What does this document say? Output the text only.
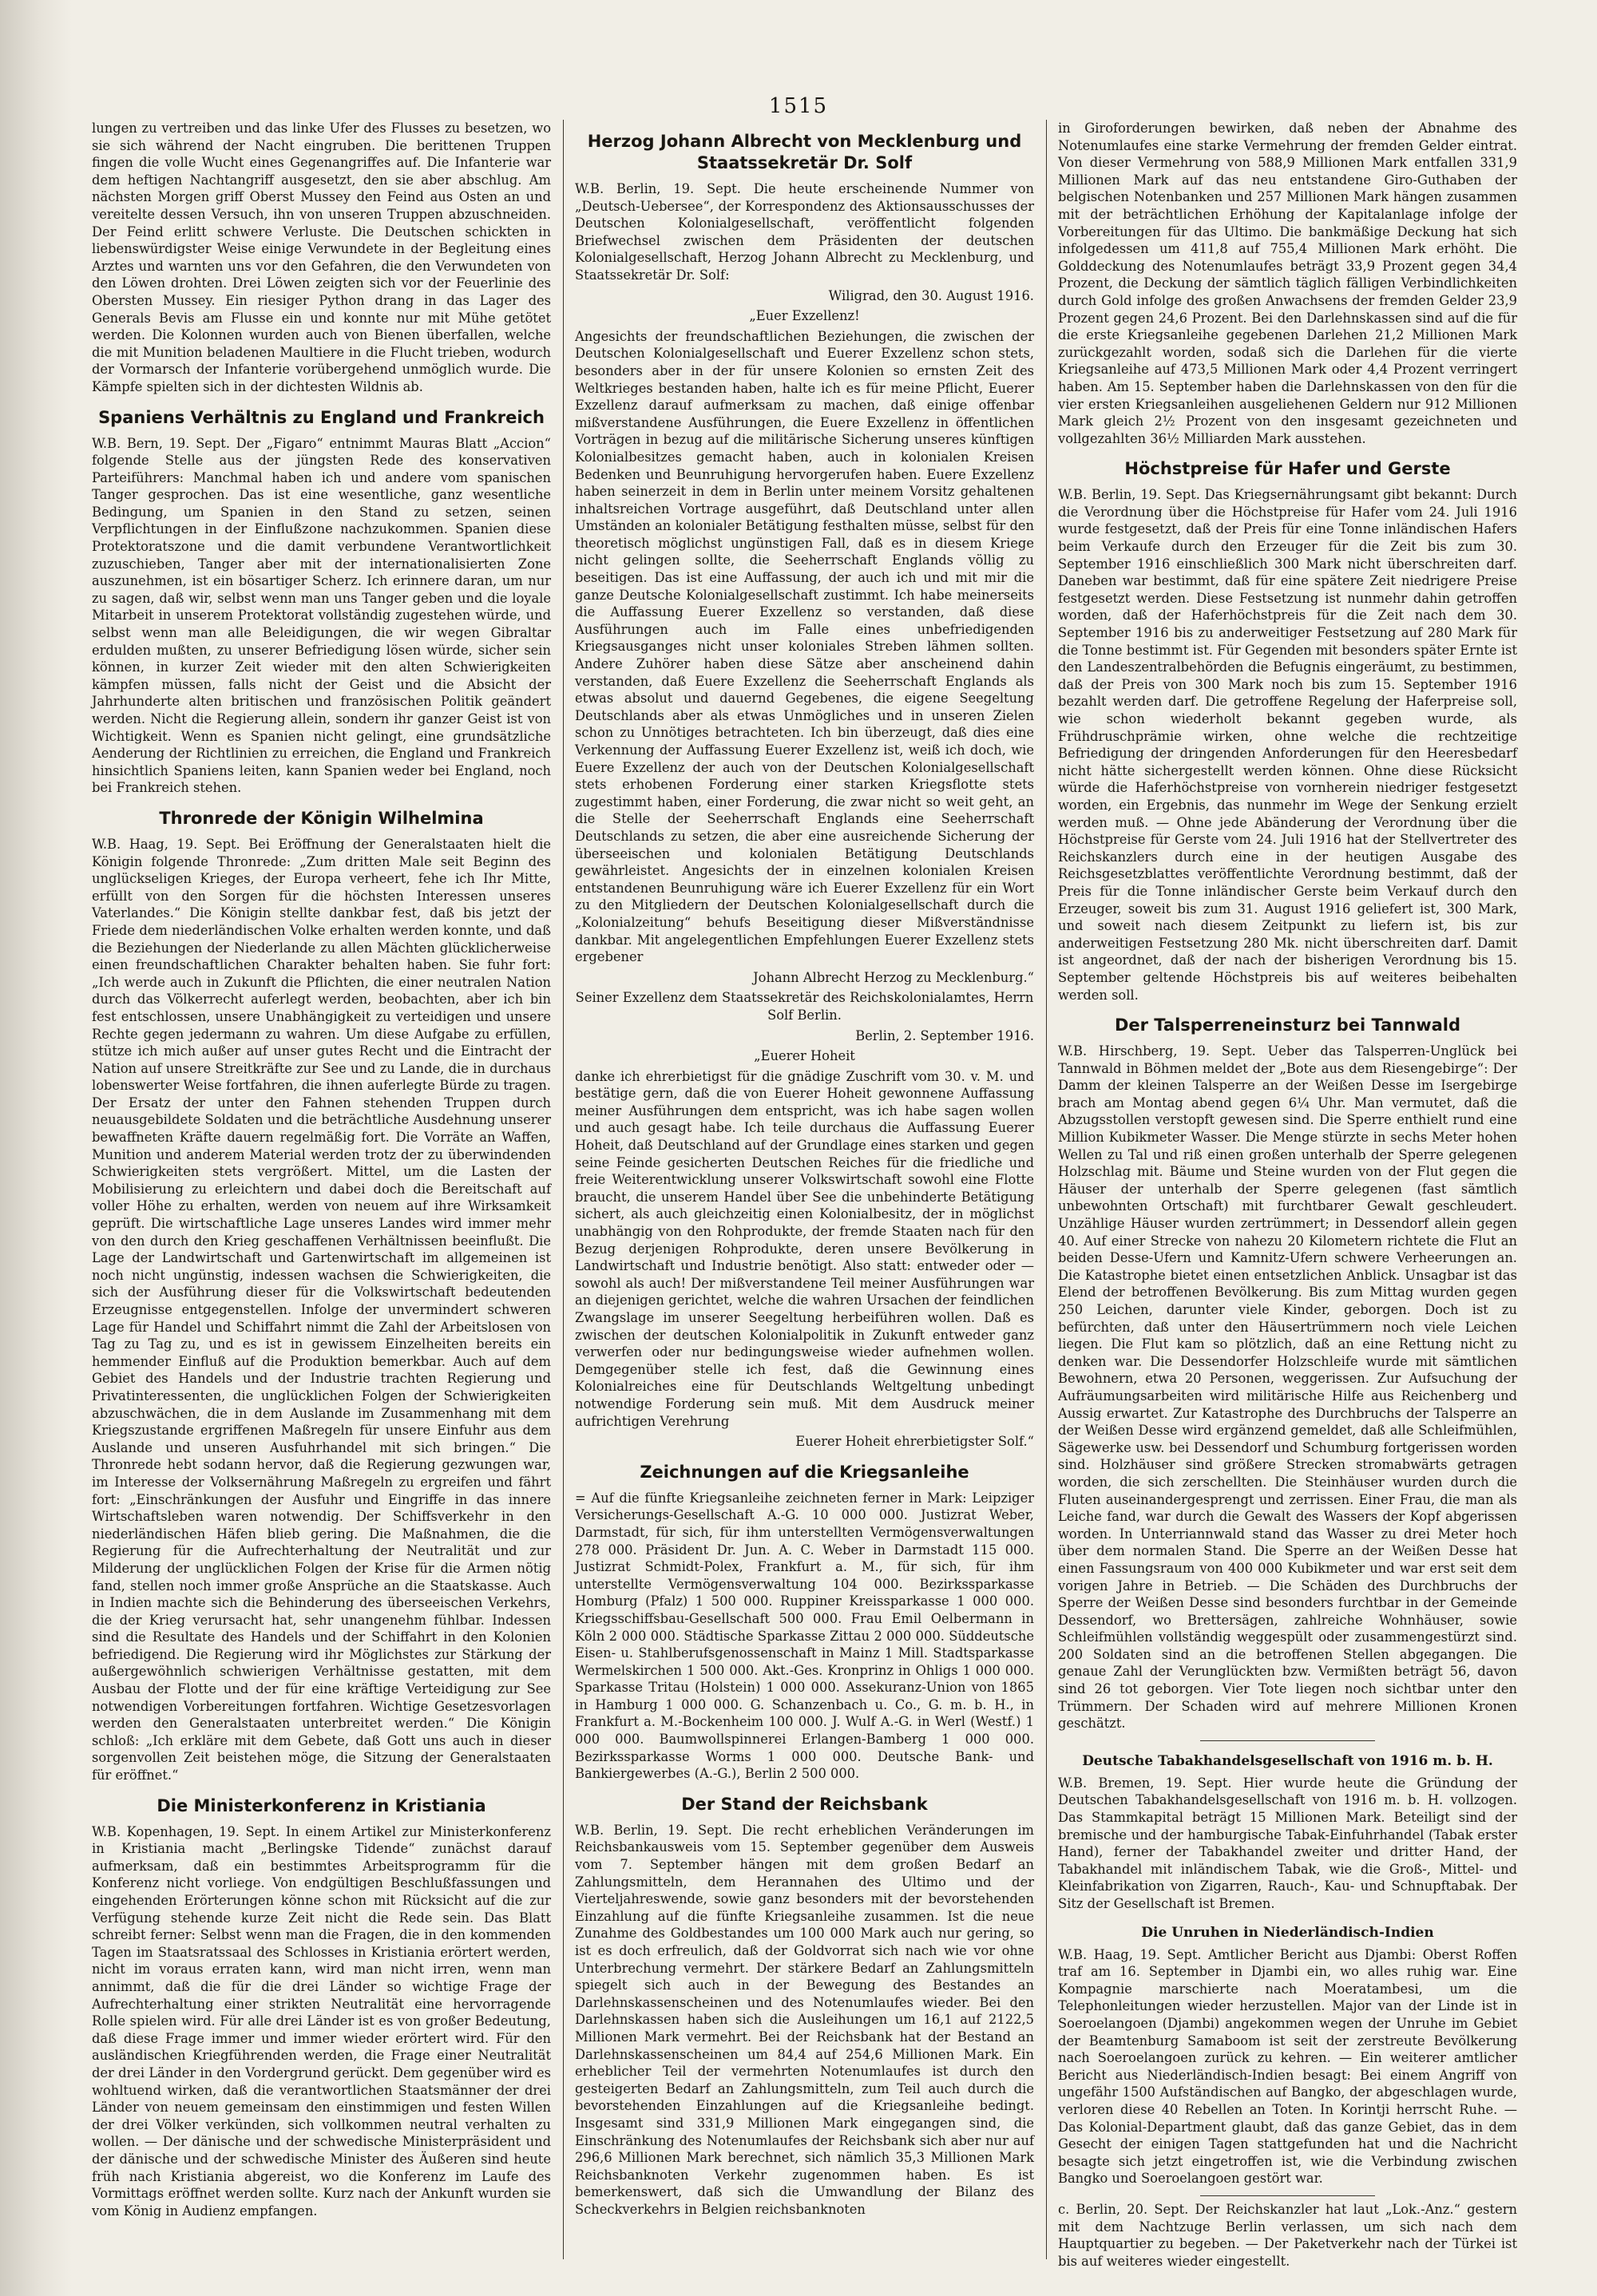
1515

lungen zu vertreiben und das linke Ufer des Flusses zu besetzen, wo sie sich während der Nacht eingruben. Die berittenen Truppen fingen die volle Wucht eines Gegenangriffes auf. Die Infanterie war dem heftigen Nachtangriff ausgesetzt, den sie aber abschlug. Am nächsten Morgen griff Oberst Mussey den Feind aus Osten an und vereitelte dessen Versuch, ihn von unseren Truppen abzuschneiden. Der Feind erlitt schwere Verluste. Die Deutschen schickten in liebenswürdigster Weise einige Verwundete in der Begleitung eines Arztes und warnten uns vor den Gefahren, die den Verwundeten von den Löwen drohten. Drei Löwen zeigten sich vor der Feuerlinie des Obersten Mussey. Ein riesiger Python drang in das Lager des Generals Bevis am Flusse ein und konnte nur mit Mühe getötet werden. Die Kolonnen wurden auch von Bienen überfallen, welche die mit Munition beladenen Maultiere in die Flucht trieben, wodurch der Vormarsch der Infanterie vorübergehend unmöglich wurde. Die Kämpfe spielten sich in der dichtesten Wildnis ab.

Spaniens Verhältnis zu England und Frankreich

W.B. Bern, 19. Sept. Der „Figaro“ entnimmt Mauras Blatt „Accion“ folgende Stelle aus der jüngsten Rede des konservativen Parteiführers: Manchmal haben ich und andere vom spanischen Tanger gesprochen. Das ist eine wesentliche, ganz wesentliche Bedingung, um Spanien in den Stand zu setzen, seinen Verpflichtungen in der Einflußzone nachzukommen. Spanien diese Protektoratszone und die damit verbundene Verantwortlichkeit zuzuschieben, Tanger aber mit der internationalisierten Zone auszunehmen, ist ein bösartiger Scherz. Ich erinnere daran, um nur zu sagen, daß wir, selbst wenn man uns Tanger geben und die loyale Mitarbeit in unserem Protektorat vollständig zugestehen würde, und selbst wenn man alle Beleidigungen, die wir wegen Gibraltar erdulden mußten, zu unserer Befriedigung lösen würde, sicher sein können, in kurzer Zeit wieder mit den alten Schwierigkeiten kämpfen müssen, falls nicht der Geist und die Absicht der Jahrhunderte alten britischen und französischen Politik geändert werden. Nicht die Regierung allein, sondern ihr ganzer Geist ist von Wichtigkeit. Wenn es Spanien nicht gelingt, eine grundsätzliche Aenderung der Richtlinien zu erreichen, die England und Frankreich hinsichtlich Spaniens leiten, kann Spanien weder bei England, noch bei Frankreich stehen.

Thronrede der Königin Wilhelmina

W.B. Haag, 19. Sept. Bei Eröffnung der Generalstaaten hielt die Königin folgende Thronrede: „Zum dritten Male seit Beginn des unglückseligen Krieges, der Europa verheert, fehe ich Ihr Mitte, erfüllt von den Sorgen für die höchsten Interessen unseres Vaterlandes.“ Die Königin stellte dankbar fest, daß bis jetzt der Friede dem niederländischen Volke erhalten werden konnte, und daß die Beziehungen der Niederlande zu allen Mächten glücklicherweise einen freundschaftlichen Charakter behalten haben. Sie fuhr fort: „Ich werde auch in Zukunft die Pflichten, die einer neutralen Nation durch das Völkerrecht auferlegt werden, beobachten, aber ich bin fest entschlossen, unsere Unabhängigkeit zu verteidigen und unsere Rechte gegen jedermann zu wahren. Um diese Aufgabe zu erfüllen, stütze ich mich außer auf unser gutes Recht und die Eintracht der Nation auf unsere Streitkräfte zur See und zu Lande, die in durchaus lobenswerter Weise fortfahren, die ihnen auferlegte Bürde zu tragen. Der Ersatz der unter den Fahnen stehenden Truppen durch neuausgebildete Soldaten und die beträchtliche Ausdehnung unserer bewaffneten Kräfte dauern regelmäßig fort. Die Vorräte an Waffen, Munition und anderem Material werden trotz der zu überwindenden Schwierigkeiten stets vergrößert. Mittel, um die Lasten der Mobilisierung zu erleichtern und dabei doch die Bereitschaft auf voller Höhe zu erhalten, werden von neuem auf ihre Wirksamkeit geprüft. Die wirtschaftliche Lage unseres Landes wird immer mehr von den durch den Krieg geschaffenen Verhältnissen beeinflußt. Die Lage der Landwirtschaft und Gartenwirtschaft im allgemeinen ist noch nicht ungünstig, indessen wachsen die Schwierigkeiten, die sich der Ausführung dieser für die Volkswirtschaft bedeutenden Erzeugnisse entgegenstellen. Infolge der unvermindert schweren Lage für Handel und Schiffahrt nimmt die Zahl der Arbeitslosen von Tag zu Tag zu, und es ist in gewissem Einzelheiten bereits ein hemmender Einfluß auf die Produktion bemerkbar. Auch auf dem Gebiet des Handels und der Industrie trachten Regierung und Privatinteressenten, die unglücklichen Folgen der Schwierigkeiten abzuschwächen, die in dem Auslande im Zusammenhang mit dem Kriegszustande ergriffenen Maßregeln für unsere Einfuhr aus dem Auslande und unseren Ausfuhrhandel mit sich bringen.“ Die Thronrede hebt sodann hervor, daß die Regierung gezwungen war, im Interesse der Volksernährung Maßregeln zu ergreifen und fährt fort: „Einschränkungen der Ausfuhr und Eingriffe in das innere Wirtschaftsleben waren notwendig. Der Schiffsverkehr in den niederländischen Häfen blieb gering. Die Maßnahmen, die die Regierung für die Aufrechterhaltung der Neutralität und zur Milderung der unglücklichen Folgen der Krise für die Armen nötig fand, stellen noch immer große Ansprüche an die Staatskasse. Auch in Indien machte sich die Behinderung des überseeischen Verkehrs, die der Krieg verursacht hat, sehr unangenehm fühlbar. Indessen sind die Resultate des Handels und der Schiffahrt in den Kolonien befriedigend. Die Regierung wird ihr Möglichstes zur Stärkung der außergewöhnlich schwierigen Verhältnisse gestatten, mit dem Ausbau der Flotte und der für eine kräftige Verteidigung zur See notwendigen Vorbereitungen fortfahren. Wichtige Gesetzesvorlagen werden den Generalstaaten unterbreitet werden.“ Die Königin schloß: „Ich erkläre mit dem Gebete, daß Gott uns auch in dieser sorgenvollen Zeit beistehen möge, die Sitzung der Generalstaaten für eröffnet.“

Die Ministerkonferenz in Kristiania

W.B. Kopenhagen, 19. Sept. In einem Artikel zur Ministerkonferenz in Kristiania macht „Berlingske Tidende“ zunächst darauf aufmerksam, daß ein bestimmtes Arbeitsprogramm für die Konferenz nicht vorliege. Von endgültigen Beschlußfassungen und eingehenden Erörterungen könne schon mit Rücksicht auf die zur Verfügung stehende kurze Zeit nicht die Rede sein. Das Blatt schreibt ferner: Selbst wenn man die Fragen, die in den kommenden Tagen im Staatsratssaal des Schlosses in Kristiania erörtert werden, nicht im voraus erraten kann, wird man nicht irren, wenn man annimmt, daß die für die drei Länder so wichtige Frage der Aufrechterhaltung einer strikten Neutralität eine hervorragende Rolle spielen wird. Für alle drei Länder ist es von großer Bedeutung, daß diese Frage immer und immer wieder erörtert wird. Für den ausländischen Kriegführenden werden, die Frage einer Neutralität der drei Länder in den Vordergrund gerückt. Dem gegenüber wird es wohltuend wirken, daß die verantwortlichen Staatsmänner der drei Länder von neuem gemeinsam den einstimmigen und festen Willen der drei Völker verkünden, sich vollkommen neutral verhalten zu wollen. — Der dänische und der schwedische Ministerpräsident und der dänische und der schwedische Minister des Äußeren sind heute früh nach Kristiania abgereist, wo die Konferenz im Laufe des Vormittags eröffnet werden sollte. Kurz nach der Ankunft wurden sie vom König in Audienz empfangen.

Herzog Johann Albrecht von Mecklenburg und Staatssekretär Dr. Solf

W.B. Berlin, 19. Sept. Die heute erscheinende Nummer von „Deutsch-Uebersee“, der Korrespondenz des Aktionsausschusses der Deutschen Kolonialgesellschaft, veröffentlicht folgenden Briefwechsel zwischen dem Präsidenten der deutschen Kolonialgesellschaft, Herzog Johann Albrecht zu Mecklenburg, und Staatssekretär Dr. Solf:

Wiligrad, den 30. August 1916.

„Euer Exzellenz!

Angesichts der freundschaftlichen Beziehungen, die zwischen der Deutschen Kolonialgesellschaft und Euerer Exzellenz schon stets, besonders aber in der für unsere Kolonien so ernsten Zeit des Weltkrieges bestanden haben, halte ich es für meine Pflicht, Euerer Exzellenz darauf aufmerksam zu machen, daß einige offenbar mißverstandene Ausführungen, die Euere Exzellenz in öffentlichen Vorträgen in bezug auf die militärische Sicherung unseres künftigen Kolonialbesitzes gemacht haben, auch in kolonialen Kreisen Bedenken und Beunruhigung hervorgerufen haben. Euere Exzellenz haben seinerzeit in dem in Berlin unter meinem Vorsitz gehaltenen inhaltsreichen Vortrage ausgeführt, daß Deutschland unter allen Umständen an kolonialer Betätigung festhalten müsse, selbst für den theoretisch möglichst ungünstigen Fall, daß es in diesem Kriege nicht gelingen sollte, die Seeherrschaft Englands völlig zu beseitigen. Das ist eine Auffassung, der auch ich und mit mir die ganze Deutsche Kolonialgesellschaft zustimmt. Ich habe meinerseits die Auffassung Euerer Exzellenz so verstanden, daß diese Ausführungen auch im Falle eines unbefriedigenden Kriegsausganges nicht unser koloniales Streben lähmen sollten. Andere Zuhörer haben diese Sätze aber anscheinend dahin verstanden, daß Euere Exzellenz die Seeherrschaft Englands als etwas absolut und dauernd Gegebenes, die eigene Seegeltung Deutschlands aber als etwas Unmögliches und in unseren Zielen schon zu Unnötiges betrachteten. Ich bin überzeugt, daß dies eine Verkennung der Auffassung Euerer Exzellenz ist, weiß ich doch, wie Euere Exzellenz der auch von der Deutschen Kolonialgesellschaft stets erhobenen Forderung einer starken Kriegsflotte stets zugestimmt haben, einer Forderung, die zwar nicht so weit geht, an die Stelle der Seeherrschaft Englands eine Seeherrschaft Deutschlands zu setzen, die aber eine ausreichende Sicherung der überseeischen und kolonialen Betätigung Deutschlands gewährleistet. Angesichts der in einzelnen kolonialen Kreisen entstandenen Beunruhigung wäre ich Euerer Exzellenz für ein Wort zu den Mitgliedern der Deutschen Kolonialgesellschaft durch die „Kolonialzeitung“ behufs Beseitigung dieser Mißverständnisse dankbar. Mit angelegentlichen Empfehlungen Euerer Exzellenz stets ergebener

Johann Albrecht Herzog zu Mecklenburg.“

Seiner Exzellenz dem Staatssekretär des Reichskolonialamtes, Herrn Solf Berlin.

Berlin, 2. September 1916.

„Euerer Hoheit

danke ich ehrerbietigst für die gnädige Zuschrift vom 30. v. M. und bestätige gern, daß die von Euerer Hoheit gewonnene Auffassung meiner Ausführungen dem entspricht, was ich habe sagen wollen und auch gesagt habe. Ich teile durchaus die Auffassung Euerer Hoheit, daß Deutschland auf der Grundlage eines starken und gegen seine Feinde gesicherten Deutschen Reiches für die friedliche und freie Weiterentwicklung unserer Volkswirtschaft sowohl eine Flotte braucht, die unserem Handel über See die unbehinderte Betätigung sichert, als auch gleichzeitig einen Kolonialbesitz, der in möglichst unabhängig von den Rohprodukte, der fremde Staaten nach für den Bezug derjenigen Rohprodukte, deren unsere Bevölkerung in Landwirtschaft und Industrie benötigt. Also statt: entweder oder — sowohl als auch! Der mißverstandene Teil meiner Ausführungen war an diejenigen gerichtet, welche die wahren Ursachen der feindlichen Zwangslage im unserer Seegeltung herbeiführen wollen. Daß es zwischen der deutschen Kolonialpolitik in Zukunft entweder ganz verwerfen oder nur bedingungsweise wieder aufnehmen wollen. Demgegenüber stelle ich fest, daß die Gewinnung eines Kolonialreiches eine für Deutschlands Weltgeltung unbedingt notwendige Forderung sein muß. Mit dem Ausdruck meiner aufrichtigen Verehrung

Euerer Hoheit ehrerbietigster Solf.“

Zeichnungen auf die Kriegsanleihe

= Auf die fünfte Kriegsanleihe zeichneten ferner in Mark: Leipziger Versicherungs-Gesellschaft A.-G. 10 000 000. Justizrat Weber, Darmstadt, für sich, für ihm unterstellten Vermögensverwaltungen 278 000. Präsident Dr. Jun. A. C. Weber in Darmstadt 115 000. Justizrat Schmidt-Polex, Frankfurt a. M., für sich, für ihm unterstellte Vermögensverwaltung 104 000. Bezirkssparkasse Homburg (Pfalz) 1 500 000. Ruppiner Kreissparkasse 1 000 000. Kriegsschiffsbau-Gesellschaft 500 000. Frau Emil Oelbermann in Köln 2 000 000. Städtische Sparkasse Zittau 2 000 000. Süddeutsche Eisen- u. Stahlberufsgenossenschaft in Mainz 1 Mill. Stadtsparkasse Wermelskirchen 1 500 000. Akt.-Ges. Kronprinz in Ohligs 1 000 000. Sparkasse Tritau (Holstein) 1 000 000. Assekuranz-Union von 1865 in Hamburg 1 000 000. G. Schanzenbach u. Co., G. m. b. H., in Frankfurt a. M.-Bockenheim 100 000. J. Wulf A.-G. in Werl (Westf.) 1 000 000. Baumwollspinnerei Erlangen-Bamberg 1 000 000. Bezirkssparkasse Worms 1 000 000. Deutsche Bank- und Bankiergewerbes (A.-G.), Berlin 2 500 000.

Der Stand der Reichsbank

W.B. Berlin, 19. Sept. Die recht erheblichen Veränderungen im Reichsbankausweis vom 15. September gegenüber dem Ausweis vom 7. September hängen mit dem großen Bedarf an Zahlungsmitteln, dem Herannahen des Ultimo und der Vierteljahreswende, sowie ganz besonders mit der bevorstehenden Einzahlung auf die fünfte Kriegsanleihe zusammen. Ist die neue Zunahme des Goldbestandes um 100 000 Mark auch nur gering, so ist es doch erfreulich, daß der Goldvorrat sich nach wie vor ohne Unterbrechung vermehrt. Der stärkere Bedarf an Zahlungsmitteln spiegelt sich auch in der Bewegung des Bestandes an Darlehnskassenscheinen und des Notenumlaufes wieder. Bei den Darlehnskassen haben sich die Ausleihungen um 16,1 auf 2122,5 Millionen Mark vermehrt. Bei der Reichsbank hat der Bestand an Darlehnskassenscheinen um 84,4 auf 254,6 Millionen Mark. Ein erheblicher Teil der vermehrten Notenumlaufes ist durch den gesteigerten Bedarf an Zahlungsmitteln, zum Teil auch durch die bevorstehenden Einzahlungen auf die Kriegsanleihe bedingt. Insgesamt sind 331,9 Millionen Mark eingegangen sind, die Einschränkung des Notenumlaufes der Reichsbank sich aber nur auf 296,6 Millionen Mark berechnet, sich nämlich 35,3 Millionen Mark Reichsbanknoten Verkehr zugenommen haben. Es ist bemerkenswert, daß sich die Umwandlung der Bilanz des Scheckverkehrs in Belgien reichsbanknoten

in Giroforderungen bewirken, daß neben der Abnahme des Notenumlaufes eine starke Vermehrung der fremden Gelder eintrat. Von dieser Vermehrung von 588,9 Millionen Mark entfallen 331,9 Millionen Mark auf das neu entstandene Giro-Guthaben der belgischen Notenbanken und 257 Millionen Mark hängen zusammen mit der beträchtlichen Erhöhung der Kapitalanlage infolge der Vorbereitungen für das Ultimo. Die bankmäßige Deckung hat sich infolgedessen um 411,8 auf 755,4 Millionen Mark erhöht. Die Golddeckung des Notenumlaufes beträgt 33,9 Prozent gegen 34,4 Prozent, die Deckung der sämtlich täglich fälligen Verbindlichkeiten durch Gold infolge des großen Anwachsens der fremden Gelder 23,9 Prozent gegen 24,6 Prozent. Bei den Darlehnskassen sind auf die für die erste Kriegsanleihe gegebenen Darlehen 21,2 Millionen Mark zurückgezahlt worden, sodaß sich die Darlehen für die vierte Kriegsanleihe auf 473,5 Millionen Mark oder 4,4 Prozent verringert haben. Am 15. September haben die Darlehnskassen von den für die vier ersten Kriegsanleihen ausgeliehenen Geldern nur 912 Millionen Mark gleich 2½ Prozent von den insgesamt gezeichneten und vollgezahlten 36½ Milliarden Mark ausstehen.

Höchstpreise für Hafer und Gerste

W.B. Berlin, 19. Sept. Das Kriegsernährungsamt gibt bekannt: Durch die Verordnung über die Höchstpreise für Hafer vom 24. Juli 1916 wurde festgesetzt, daß der Preis für eine Tonne inländischen Hafers beim Verkaufe durch den Erzeuger für die Zeit bis zum 30. September 1916 einschließlich 300 Mark nicht überschreiten darf. Daneben war bestimmt, daß für eine spätere Zeit niedrigere Preise festgesetzt werden. Diese Festsetzung ist nunmehr dahin getroffen worden, daß der Haferhöchstpreis für die Zeit nach dem 30. September 1916 bis zu anderweitiger Festsetzung auf 280 Mark für die Tonne bestimmt ist. Für Gegenden mit besonders später Ernte ist den Landeszentralbehörden die Befugnis eingeräumt, zu bestimmen, daß der Preis von 300 Mark noch bis zum 15. September 1916 bezahlt werden darf. Die getroffene Regelung der Haferpreise soll, wie schon wiederholt bekannt gegeben wurde, als Frühdruschprämie wirken, ohne welche die rechtzeitige Befriedigung der dringenden Anforderungen für den Heeresbedarf nicht hätte sichergestellt werden können. Ohne diese Rücksicht würde die Haferhöchstpreise von vornherein niedriger festgesetzt worden, ein Ergebnis, das nunmehr im Wege der Senkung erzielt werden muß. — Ohne jede Abänderung der Verordnung über die Höchstpreise für Gerste vom 24. Juli 1916 hat der Stellvertreter des Reichskanzlers durch eine in der heutigen Ausgabe des Reichsgesetzblattes veröffentlichte Verordnung bestimmt, daß der Preis für die Tonne inländischer Gerste beim Verkauf durch den Erzeuger, soweit bis zum 31. August 1916 geliefert ist, 300 Mark, und soweit nach diesem Zeitpunkt zu liefern ist, bis zur anderweitigen Festsetzung 280 Mk. nicht überschreiten darf. Damit ist angeordnet, daß der nach der bisherigen Verordnung bis 15. September geltende Höchstpreis bis auf weiteres beibehalten werden soll.

Der Talsperreneinsturz bei Tannwald

W.B. Hirschberg, 19. Sept. Ueber das Talsperren-Unglück bei Tannwald in Böhmen meldet der „Bote aus dem Riesengebirge“: Der Damm der kleinen Talsperre an der Weißen Desse im Isergebirge brach am Montag abend gegen 6¼ Uhr. Man vermutet, daß die Abzugsstollen verstopft gewesen sind. Die Sperre enthielt rund eine Million Kubikmeter Wasser. Die Menge stürzte in sechs Meter hohen Wellen zu Tal und riß einen großen unterhalb der Sperre gelegenen Holzschlag mit. Bäume und Steine wurden von der Flut gegen die Häuser der unterhalb der Sperre gelegenen (fast sämtlich unbewohnten Ortschaft) mit furchtbarer Gewalt geschleudert. Unzählige Häuser wurden zertrümmert; in Dessendorf allein gegen 40. Auf einer Strecke von nahezu 20 Kilometern richtete die Flut an beiden Desse-Ufern und Kamnitz-Ufern schwere Verheerungen an. Die Katastrophe bietet einen entsetzlichen Anblick. Unsagbar ist das Elend der betroffenen Bevölkerung. Bis zum Mittag wurden gegen 250 Leichen, darunter viele Kinder, geborgen. Doch ist zu befürchten, daß unter den Häusertrümmern noch viele Leichen liegen. Die Flut kam so plötzlich, daß an eine Rettung nicht zu denken war. Die Dessendorfer Holzschleife wurde mit sämtlichen Bewohnern, etwa 20 Personen, weggerissen. Zur Aufsuchung der Aufräumungsarbeiten wird militärische Hilfe aus Reichenberg und Aussig erwartet. Zur Katastrophe des Durchbruchs der Talsperre an der Weißen Desse wird ergänzend gemeldet, daß alle Schleifmühlen, Sägewerke usw. bei Dessendorf und Schumburg fortgerissen worden sind. Holzhäuser sind größere Strecken stromabwärts getragen worden, die sich zerschellten. Die Steinhäuser wurden durch die Fluten auseinandergesprengt und zerrissen. Einer Frau, die man als Leiche fand, war durch die Gewalt des Wassers der Kopf abgerissen worden. In Unterriannwald stand das Wasser zu drei Meter hoch über dem normalen Stand. Die Sperre an der Weißen Desse hat einen Fassungsraum von 400 000 Kubikmeter und war erst seit dem vorigen Jahre in Betrieb. — Die Schäden des Durchbruchs der Sperre der Weißen Desse sind besonders furchtbar in der Gemeinde Dessendorf, wo Brettersägen, zahlreiche Wohnhäuser, sowie Schleifmühlen vollständig weggespült oder zusammengestürzt sind. 200 Soldaten sind an die betroffenen Stellen abgegangen. Die genaue Zahl der Verunglückten bzw. Vermißten beträgt 56, davon sind 26 tot geborgen. Vier Tote liegen noch sichtbar unter den Trümmern. Der Schaden wird auf mehrere Millionen Kronen geschätzt.

Deutsche Tabakhandelsgesellschaft von 1916 m. b. H.

W.B. Bremen, 19. Sept. Hier wurde heute die Gründung der Deutschen Tabakhandelsgesellschaft von 1916 m. b. H. vollzogen. Das Stammkapital beträgt 15 Millionen Mark. Beteiligt sind der bremische und der hamburgische Tabak-Einfuhrhandel (Tabak erster Hand), ferner der Tabakhandel zweiter und dritter Hand, der Tabakhandel mit inländischem Tabak, wie die Groß-, Mittel- und Kleinfabrikation von Zigarren, Rauch-, Kau- und Schnupftabak. Der Sitz der Gesellschaft ist Bremen.

Die Unruhen in Niederländisch-Indien

W.B. Haag, 19. Sept. Amtlicher Bericht aus Djambi: Oberst Roffen traf am 16. September in Djambi ein, wo alles ruhig war. Eine Kompagnie marschierte nach Moeratambesi, um die Telephonleitungen wieder herzustellen. Major van der Linde ist in Soeroelangoen (Djambi) angekommen wegen der Unruhe im Gebiet der Beamtenburg Samaboom ist seit der zerstreute Bevölkerung nach Soeroelangoen zurück zu kehren. — Ein weiterer amtlicher Bericht aus Niederländisch-Indien besagt: Bei einem Angriff von ungefähr 1500 Aufständischen auf Bangko, der abgeschlagen wurde, verloren diese 40 Rebellen an Toten. In Korintji herrscht Ruhe. — Das Kolonial-Department glaubt, daß das ganze Gebiet, das in dem Gesecht der einigen Tagen stattgefunden hat und die Nachricht besagte sich jetzt eingetroffen ist, wie die Verbindung zwischen Bangko und Soeroelangoen gestört war.

c. Berlin, 20. Sept. Der Reichskanzler hat laut „Lok.-Anz.“ gestern mit dem Nachtzuge Berlin verlassen, um sich nach dem Hauptquartier zu begeben. — Der Paketverkehr nach der Türkei ist bis auf weiteres wieder eingestellt.
